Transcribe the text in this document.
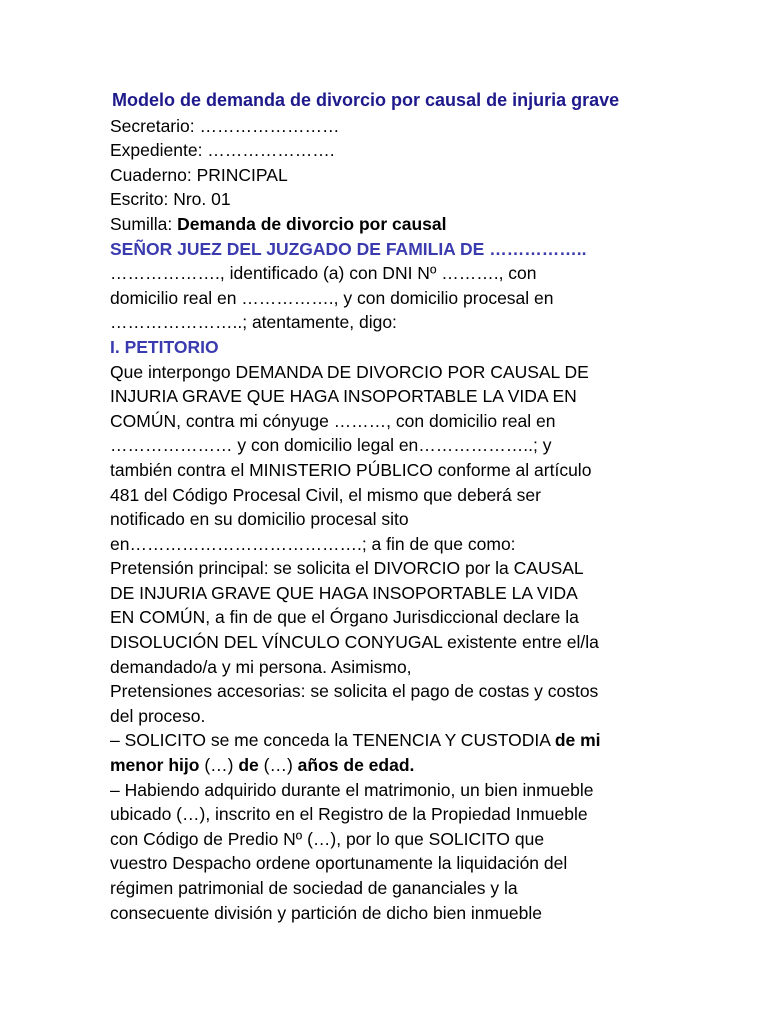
Modelo de demanda de divorcio por causal de injuria grave
Secretario: ……………………
Expediente: ………………….
Cuaderno: PRINCIPAL
Escrito: Nro. 01
Sumilla: Demanda de divorcio por causal
SEÑOR JUEZ DEL JUZGADO DE FAMILIA DE ……………..
………………., identificado (a) con DNI Nº ………., con
domicilio real en ……………., y con domicilio procesal en
…………………..; atentamente, digo:
I. PETITORIO
Que interpongo DEMANDA DE DIVORCIO POR CAUSAL DE
INJURIA GRAVE QUE HAGA INSOPORTABLE LA VIDA EN
COMÚN, contra mi cónyuge ………, con domicilio real en
………………… y con domicilio legal en………………..; y
también contra el MINISTERIO PÚBLICO conforme al artículo
481 del Código Procesal Civil, el mismo que deberá ser
notificado en su domicilio procesal sito
en………………………………….; a fin de que como:
Pretensión principal: se solicita el DIVORCIO por la CAUSAL
DE INJURIA GRAVE QUE HAGA INSOPORTABLE LA VIDA
EN COMÚN, a fin de que el Órgano Jurisdiccional declare la
DISOLUCIÓN DEL VÍNCULO CONYUGAL existente entre el/la
demandado/a y mi persona. Asimismo,
Pretensiones accesorias: se solicita el pago de costas y costos
del proceso.
– SOLICITO se me conceda la TENENCIA Y CUSTODIA de mi
menor hijo (…) de (…) años de edad.
– Habiendo adquirido durante el matrimonio, un bien inmueble
ubicado (…), inscrito en el Registro de la Propiedad Inmueble
con Código de Predio Nº (…), por lo que SOLICITO que
vuestro Despacho ordene oportunamente la liquidación del
régimen patrimonial de sociedad de gananciales y la
consecuente división y partición de dicho bien inmueble
